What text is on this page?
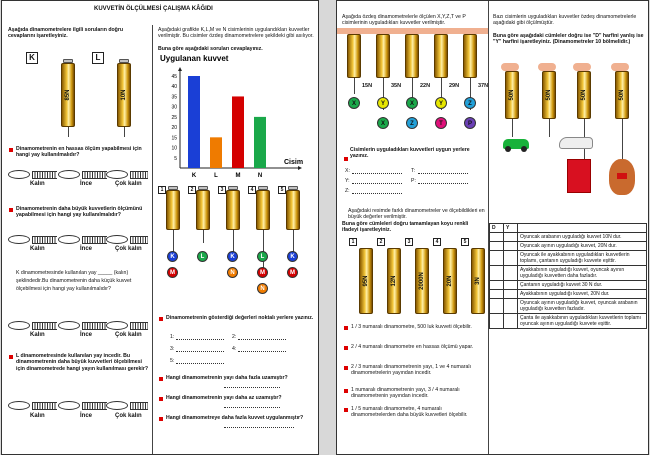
KUVVETİN ÖLÇÜLMESİ ÇALIŞMA KÂĞIDI
Aşağıda dinamometrelere ilgili soruların doğru cevaplarını işaretleyiniz.
K
85N
L
10N
Dinamometrenin en hassas ölçüm yapabilmesi için hangi yay kullanılmalıdır?
Kalın	İnce	Çok kalın
Dinamometrenin daha büyük kuvvetlerin ölçümünü yapabilmesi için hangi yay kullanılmalıdır?
Kalın	İnce	Çok kalın
K dinamometresinde kullanılan yay _____ (kalın) şeklindedir.Bu dinamometrenin daha küçük kuvvet ölçebilmesi için hangi yay kullanılmalıdır?
Kalın	İnce	Çok kalın
L dinamometresinde kullanılan yay incedir. Bu dinamometrenin daha büyük kuvvetleri ölçebilmesi için dinamometrede hangi yayın kullanılması gerekir?
Kalın	İnce	Çok kalın
Aşağıdaki grafikte K,L,M ve N cisimlerinin uygulandıkları kuvvetler verilmiştir. Bu cisimler özdeş dinamometrelere şekildeki gibi asılıyor.
Buna göre aşağıdaki soruları cevaplayınız.
Uygulanan kuvvet
5
10
15
20
25
30
35
40
45
K	L	M	N
Cisim
1
K
M
2
L
3
K
N
4
L
M
N
5
K
M
Dinamometrenin gösterdiği değerleri noktalı yerlere yazınız.
1:	2:
3:	4:
5:
Hangi dinamometrenin yayı daha fazla uzamıştır?
Hangi dinamometrenin yayı daha az uzamıştır?
Hangi dinamometreye daha fazla kuvvet uygulanmıştır?
Aşağıda özdeş dinamometrelerle ölçülen X,Y,Z,T ve P cisimlerinin uyguladıkları kuvvetler verilmiştir.
15N
X
35N
Y
X
22N
X
Z
29N
Y
T
37N
Z
P
Cisimlerin uyguladıkları kuvvetleri uygun yerlere yazınız.
X:	T:
Y:	P:
Z:
Aşağıdaki resimde farklı dinamometreler ve ölçebildikleri en büyük değerler verilmiştir.
Buna göre cümleleri doğru tamamlayan koyu renkli ifadeyi işaretleyiniz.
1
95N
2
12N
3
2000N
4
20N
5
3N
1 / 3 numaralı dinamometre, 500 luk kuvveti ölçebilir.
2 / 4 numaralı dinamometre en hassas ölçümü yapar.
2 / 3 numaralı dinamometrenin yayı, 1 ve 4 numaralı dinamometrelerin yayından incedir.
1 numaralı dinamometrenin yayı, 3 / 4 numaralı dinamometrenin yayından incedir.
1 / 5 numaralı dinamometre, 4 numaralı dinamometrelerden daha büyük kuvvetleri ölçebilir.
Bazı cisimlerin uyguladıkları kuvvetler özdeş dinamometrelerle aşağıdaki gibi ölçülmüştür.
Buna göre aşağıdaki cümleler doğru ise "D" harfini yanlış ise "Y" harfini işaretleyiniz. (Dinamometreler 10 bölmelidir.)
50N	50N	50N	50N
D	Y	
		Oyuncak arabanın uyguladığı kuvvet 10N dur.
		Oyuncak ayının uyguladığı kuvvet, 20N dur.
		Oyuncak ile ayakkabının uyguladıkları kuvvetlerin toplamı, çantanın uyguladığı kuvvete eşittir.
		Ayakkabının uyguladığı kuvvet, oyuncak ayının uyguladığı kuvvetten daha fazladır.
		Çantanın uyguladığı kuvvet 30 N dur.
		Ayakkabının uyguladığı kuvvet, 20N dur.
		Oyuncak ayının uyguladığı kuvvet, oyuncak arabanın uyguladığı kuvvetten fazladır.
		Çanta ile ayakkabının uyguladıkları kuvvetlerin toplamı oyuncak ayının uyguladığı kuvvete eşittir.
